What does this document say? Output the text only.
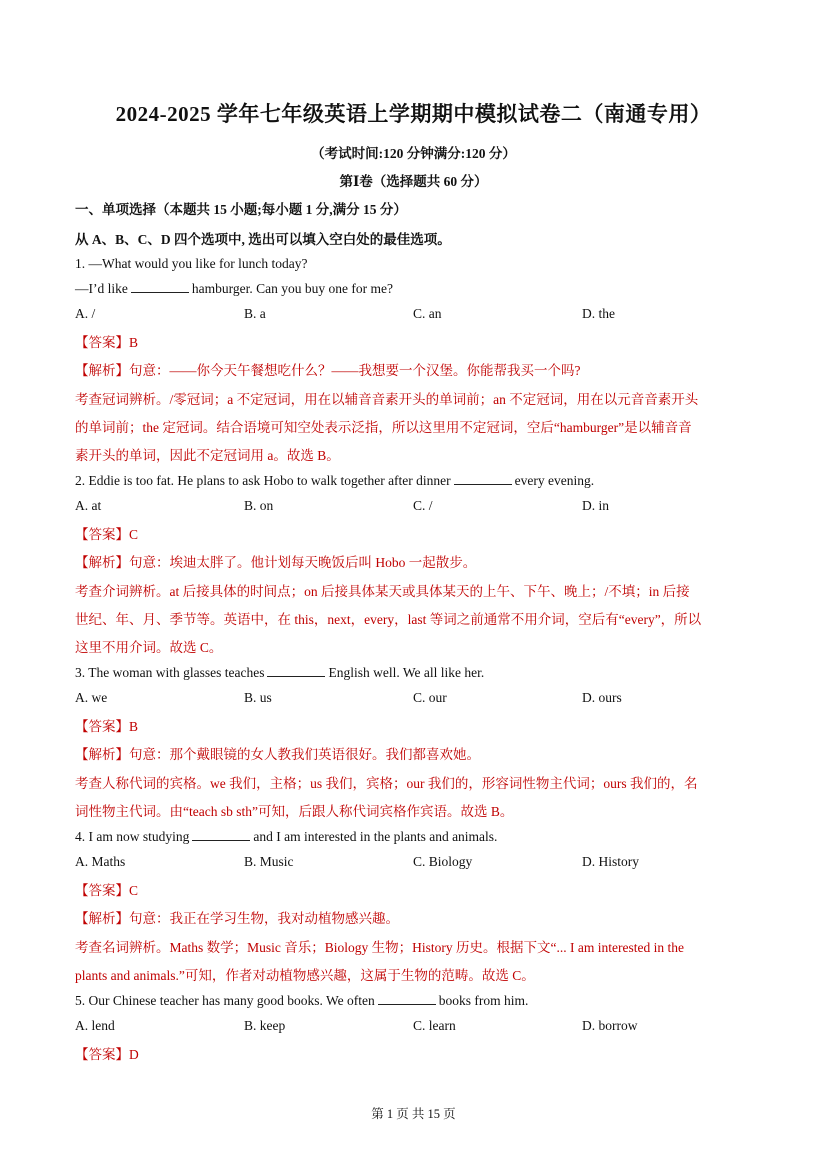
2024-2025 学年七年级英语上学期期中模拟试卷二（南通专用）
（考试时间:120 分钟满分:120 分）
第Ⅰ卷（选择题共 60 分）
一、单项选择（本题共 15 小题;每小题 1 分,满分 15 分）
从 A、B、C、D 四个选项中, 选出可以填入空白处的最佳选项。
1. —What would you like for lunch today?
—I’d like	hamburger. Can you buy one for me?
A. /	B. a	C. an	D. the
【答案】B
【解析】句意：——你今天午餐想吃什么？——我想要一个汉堡。你能帮我买一个吗?
考查冠词辨析。/零冠词；a 不定冠词，用在以辅音音素开头的单词前；an 不定冠词，用在以元音音素开头
的单词前；the 定冠词。结合语境可知空处表示泛指，所以这里用不定冠词，空后“hamburger”是以辅音音
素开头的单词，因此不定冠词用 a。故选 B。
2. Eddie is too fat. He plans to ask Hobo to walk together after dinner	every evening.
A. at	B. on	C. /	D. in
【答案】C
【解析】句意：埃迪太胖了。他计划每天晚饭后叫 Hobo 一起散步。
考查介词辨析。at 后接具体的时间点；on 后接具体某天或具体某天的上午、下午、晚上；/不填；in 后接
世纪、年、月、季节等。英语中，在 this，next，every，last 等词之前通常不用介词，空后有“every”，所以
这里不用介词。故选 C。
3. The woman with glasses teaches	English well. We all like her.
A. we	B. us	C. our	D. ours
【答案】B
【解析】句意：那个戴眼镜的女人教我们英语很好。我们都喜欢她。
考查人称代词的宾格。we 我们，主格；us 我们，宾格；our 我们的，形容词性物主代词；ours 我们的，名
词性物主代词。由“teach sb sth”可知，后跟人称代词宾格作宾语。故选 B。
4. I am now studying	and I am interested in the plants and animals.
A. Maths	B. Music	C. Biology	D. History
【答案】C
【解析】句意：我正在学习生物，我对动植物感兴趣。
考查名词辨析。Maths 数学；Music 音乐；Biology 生物；History 历史。根据下文“... I am interested in the
plants and animals.”可知，作者对动植物感兴趣，这属于生物的范畴。故选 C。
5. Our Chinese teacher has many good books. We often	books from him.
A. lend	B. keep	C. learn	D. borrow
【答案】D
第 1 页 共 15 页
